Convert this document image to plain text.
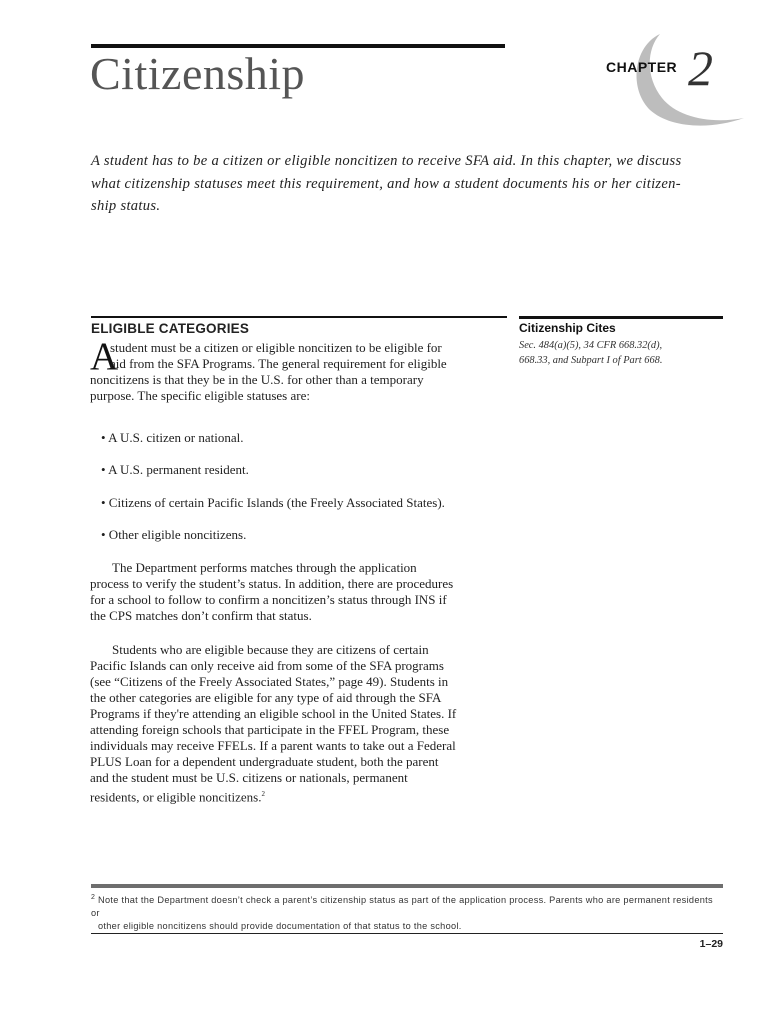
Citizenship	CHAPTER 2
A student has to be a citizen or eligible noncitizen to receive SFA aid. In this chapter, we discuss
what citizenship statuses meet this requirement, and how a student documents his or her citizen-
ship status.
ELIGIBLE CATEGORIES
A
student must be a citizen or eligible noncitizen to be eligible for
aid from the SFA Programs. The general requirement for eligible
noncitizens is that they be in the U.S. for other than a temporary
purpose. The specific eligible statuses are:
• A U.S. citizen or national.
• A U.S. permanent resident.
• Citizens of certain Pacific Islands (the Freely Associated States).
• Other eligible noncitizens.
The Department performs matches through the application
process to verify the student’s status. In addition, there are procedures
for a school to follow to confirm a noncitizen’s status through INS if
the CPS matches don’t confirm that status.
Students who are eligible because they are citizens of certain
Pacific Islands can only receive aid from some of the SFA programs
(see “Citizens of the Freely Associated States,” page 49). Students in
the other categories are eligible for any type of aid through the SFA
Programs if they're attending an eligible school in the United States. If
attending foreign schools that participate in the FFEL Program, these
individuals may receive FFELs. If a parent wants to take out a Federal
PLUS Loan for a dependent undergraduate student, both the parent
and the student must be U.S. citizens or nationals, permanent
residents, or eligible noncitizens.$^2$
Citizenship Cites
Sec. 484(a)(5), 34 CFR 668.32(d),
668.33, and Subpart I of Part 668.
$^2$ Note that the Department doesn’t check a parent’s citizenship status as part of the application process. Parents who are permanent residents or
other eligible noncitizens should provide documentation of that status to the school.
1–29
